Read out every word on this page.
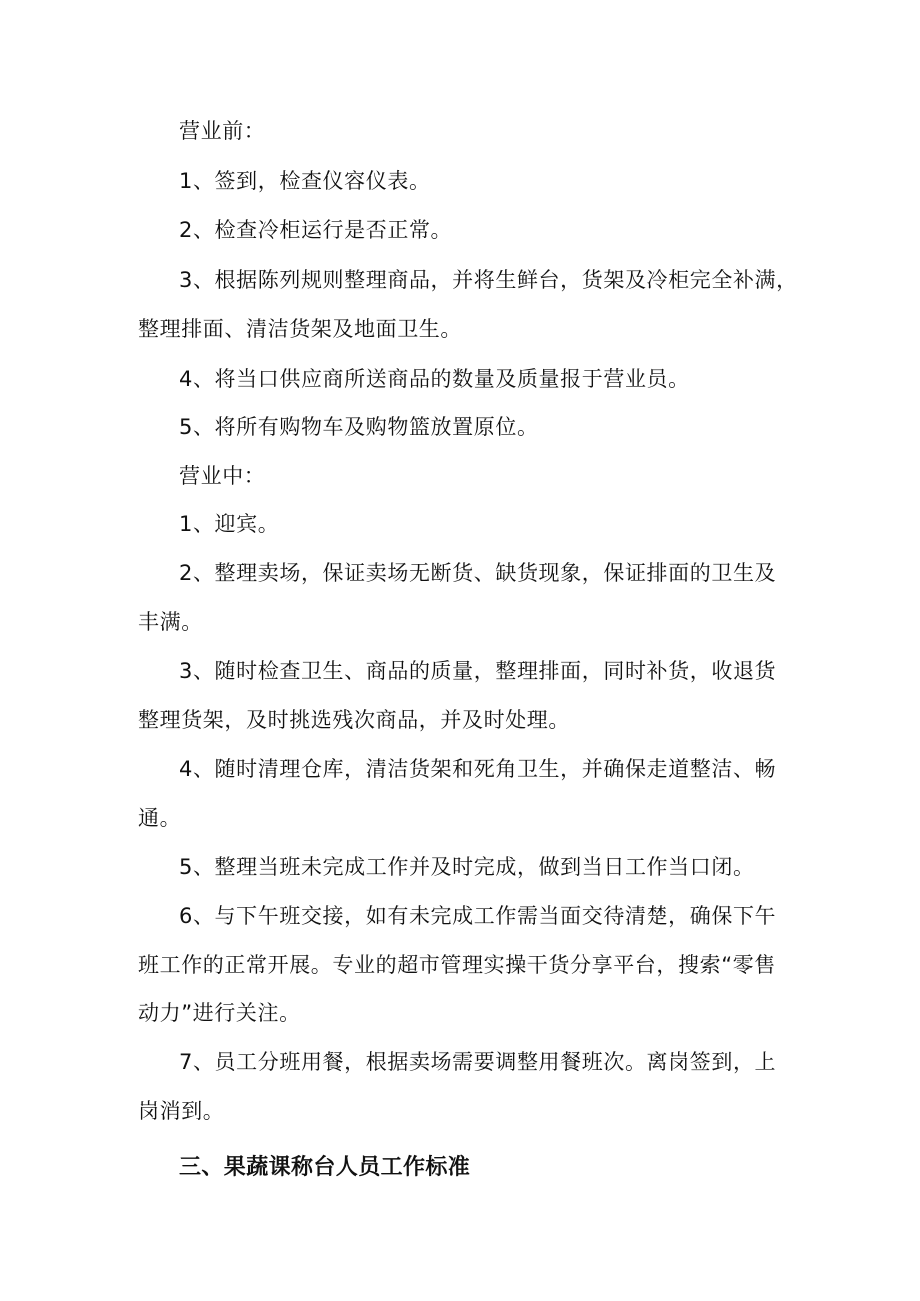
营业前：
1、签到，检查仪容仪表。
2、检查冷柜运行是否正常。
3、根据陈列规则整理商品，并将生鲜台，货架及冷柜完全补满，
整理排面、清洁货架及地面卫生。
4、将当口供应商所送商品的数量及质量报于营业员。
5、将所有购物车及购物篮放置原位。
营业中：
1、迎宾。
2、整理卖场，保证卖场无断货、缺货现象，保证排面的卫生及
丰满。
3、随时检查卫生、商品的质量，整理排面，同时补货，收退货
整理货架，及时挑选残次商品，并及时处理。
4、随时清理仓库，清洁货架和死角卫生，并确保走道整洁、畅
通。
5、整理当班未完成工作并及时完成，做到当日工作当口闭。
6、与下午班交接，如有未完成工作需当面交待清楚，确保下午
班工作的正常开展。专业的超市管理实操干货分享平台，搜索“零售
动力”进行关注。
7、员工分班用餐，根据卖场需要调整用餐班次。离岗签到，上
岗消到。
三、果蔬课称台人员工作标准
